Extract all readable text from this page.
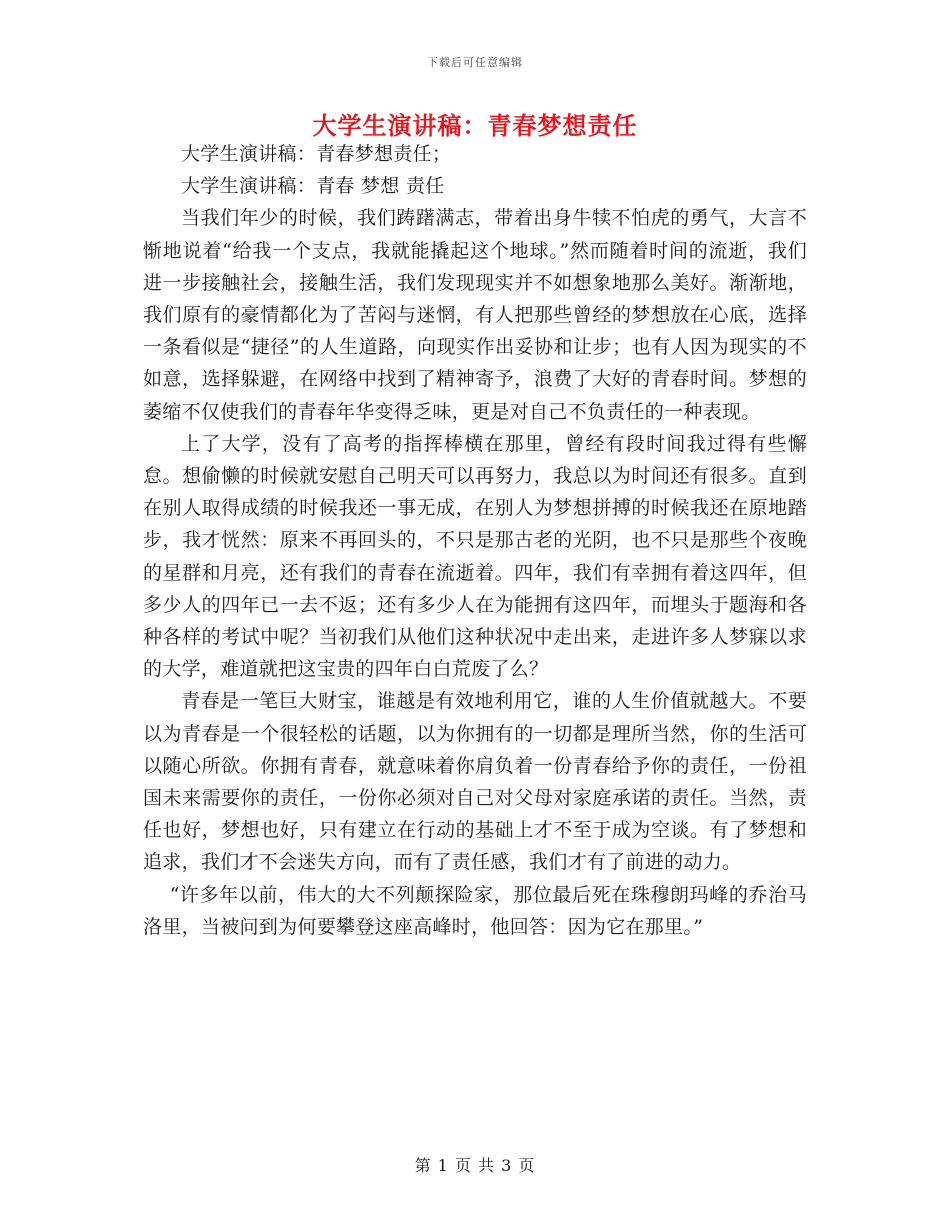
下载后可任意编辑
大学生演讲稿：青春梦想责任

大学生演讲稿：青春梦想责任；

大学生演讲稿：青春 梦想 责任

当我们年少的时候，我们踌躇满志，带着出身牛犊不怕虎的勇气，大言不惭地说着“给我一个支点，我就能撬起这个地球。”然而随着时间的流逝，我们进一步接触社会，接触生活，我们发现现实并不如想象地那么美好。渐渐地，我们原有的豪情都化为了苦闷与迷惘，有人把那些曾经的梦想放在心底，选择一条看似是“捷径”的人生道路，向现实作出妥协和让步；也有人因为现实的不如意，选择躲避，在网络中找到了精神寄予，浪费了大好的青春时间。梦想的萎缩不仅使我们的青春年华变得乏味，更是对自己不负责任的一种表现。

上了大学，没有了高考的指挥棒横在那里，曾经有段时间我过得有些懈怠。想偷懒的时候就安慰自己明天可以再努力，我总以为时间还有很多。直到在别人取得成绩的时候我还一事无成，在别人为梦想拼搏的时候我还在原地踏步，我才恍然：原来不再回头的，不只是那古老的光阴，也不只是那些个夜晚的星群和月亮，还有我们的青春在流逝着。四年，我们有幸拥有着这四年，但多少人的四年已一去不返；还有多少人在为能拥有这四年，而埋头于题海和各种各样的考试中呢？当初我们从他们这种状况中走出来，走进许多人梦寐以求的大学，难道就把这宝贵的四年白白荒废了么？

青春是一笔巨大财宝，谁越是有效地利用它，谁的人生价值就越大。不要以为青春是一个很轻松的话题，以为你拥有的一切都是理所当然，你的生活可以随心所欲。你拥有青春，就意味着你肩负着一份青春给予你的责任，一份祖国未来需要你的责任，一份你必须对自己对父母对家庭承诺的责任。当然，责任也好，梦想也好，只有建立在行动的基础上才不至于成为空谈。有了梦想和追求，我们才不会迷失方向，而有了责任感，我们才有了前进的动力。

“许多年以前，伟大的大不列颠探险家，那位最后死在珠穆朗玛峰的乔治马洛里，当被问到为何要攀登这座高峰时，他回答：因为它在那里。”

第 1 页 共 3 页
